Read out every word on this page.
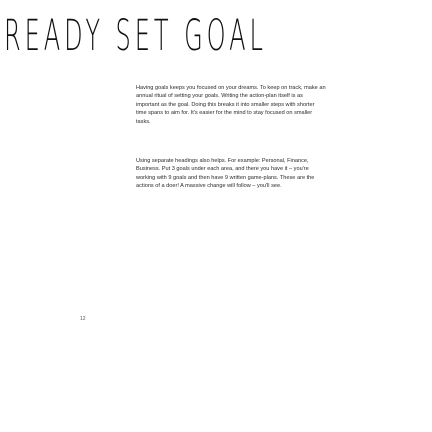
READY SET GOAL

Having goals keeps you focused on your dreams. To keep on track, make an annual ritual of setting your goals. Writing the action-plan itself is as important as the goal. Doing this breaks it into smaller steps with shorter time spans to aim for. It's easier for the mind to stay focused on smaller tasks.

Using separate headings also helps. For example: Personal, Finance, Business. Put 3 goals under each area, and there you have it – you're working with 9 goals and then have 9 written game-plans. These are the actions of a doer! A massive change will follow – you'll see.

12
